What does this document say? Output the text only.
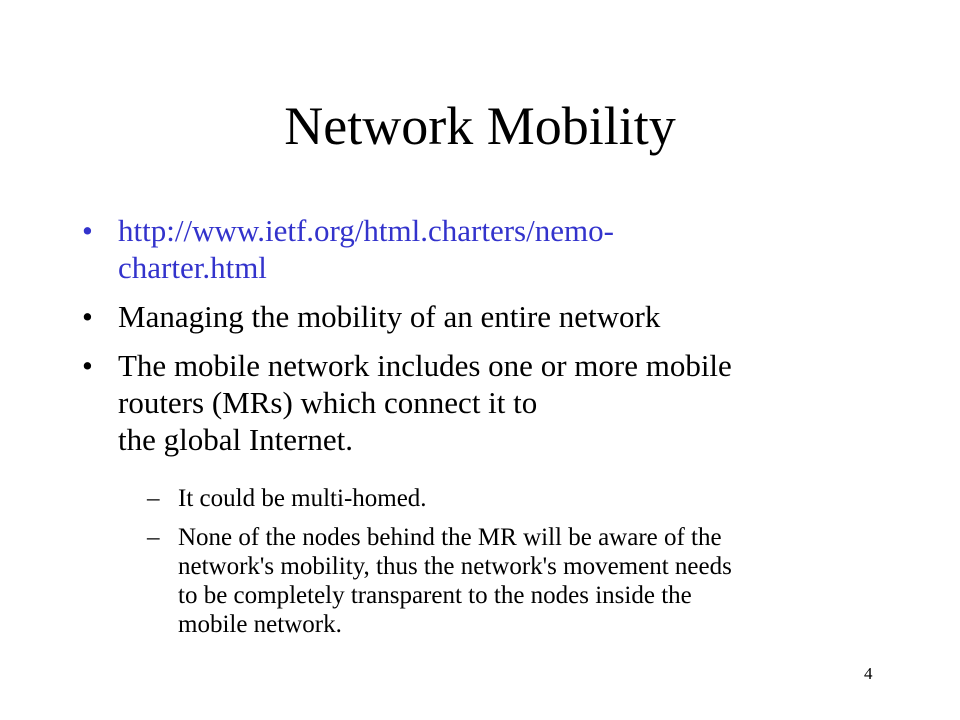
Network Mobility
• http://www.ietf.org/html.charters/nemo-
charter.html
• Managing the mobility of an entire network
• The mobile network includes one or more mobile
routers (MRs) which connect it to
the global Internet.
– It could be multi-homed.
– None of the nodes behind the MR will be aware of the
network's mobility, thus the network's movement needs
to be completely transparent to the nodes inside the
mobile network.
4
